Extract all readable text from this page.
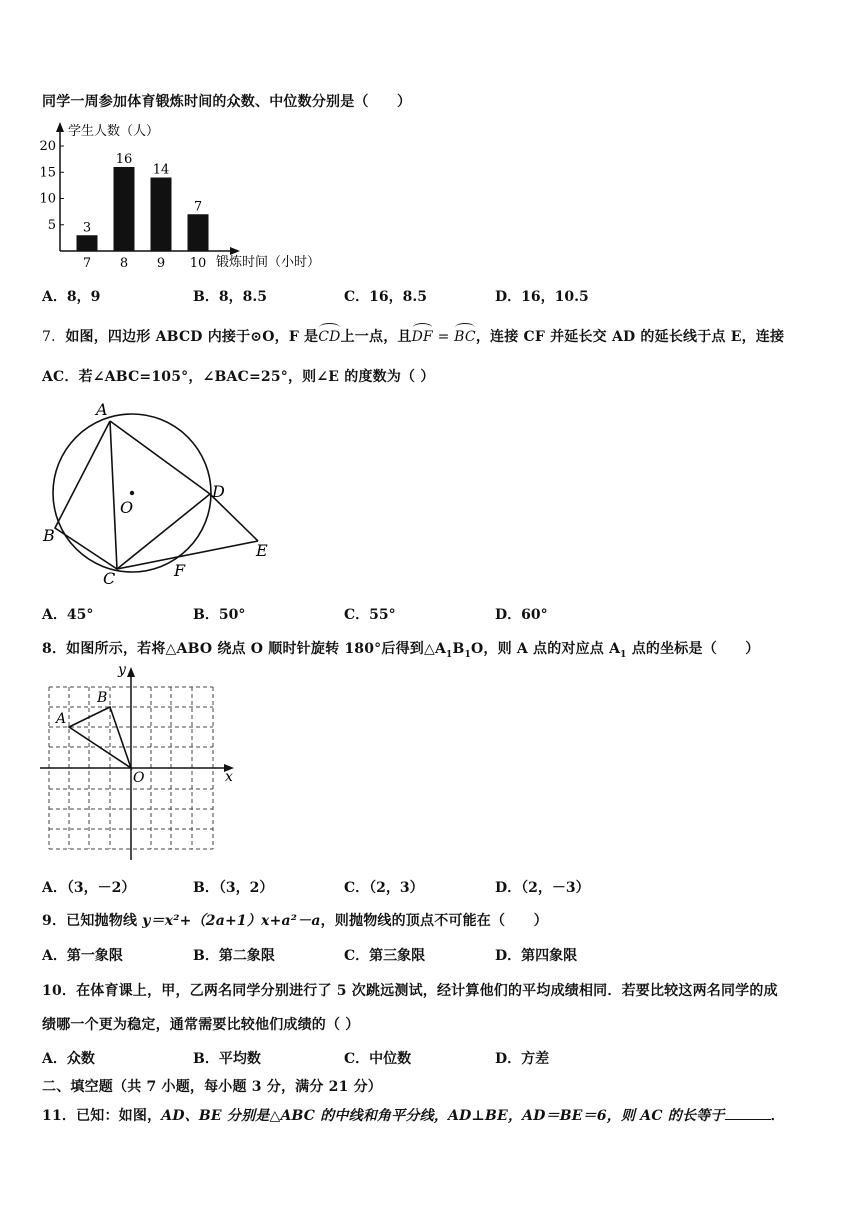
同学一周参加体育锻炼时间的众数、中位数分别是（　　）
学生人数（人）
锻炼时间（小时）
5
10
15
20
3
7
16
8
14
9
7
10
A．8，9	B．8，8.5	C．16，8.5	D．16，10.5
7．如图，四边形 ABCD 内接于⊙O，F 是CD上一点，且DF = BC，连接 CF 并延长交 AD 的延长线于点 E，连接
AC．若∠ABC=105°，∠BAC=25°，则∠E 的度数为（ ）
A
B
C
D
E
F
O
A．45°	B．50°	C．55°	D．60°
8．如图所示，若将△ABO 绕点 O 顺时针旋转 180°后得到$\triangle A_1B_1O$，则 A 点的对应点 $A_1$ 点的坐标是（　　）
A
B
O	x
y
A．（3，－2）	B．（3，2）	C．（2，3）	D．（2，－3）
9．已知抛物线 y＝x²+（2a+1）x+a²－a，则抛物线的顶点不可能在（　　）
A．第一象限	B．第二象限	C．第三象限	D．第四象限
10．在体育课上，甲，乙两名同学分别进行了 5 次跳远测试，经计算他们的平均成绩相同．若要比较这两名同学的成
绩哪一个更为稳定，通常需要比较他们成绩的（ ）
A．众数	B．平均数	C．中位数	D．方差
二、填空题（共 7 小题，每小题 3 分，满分 21 分）
11．已知：如图，AD、BE 分别是△ABC 的中线和角平分线，AD⊥BE，AD＝BE＝6，则 AC 的长等于	．
